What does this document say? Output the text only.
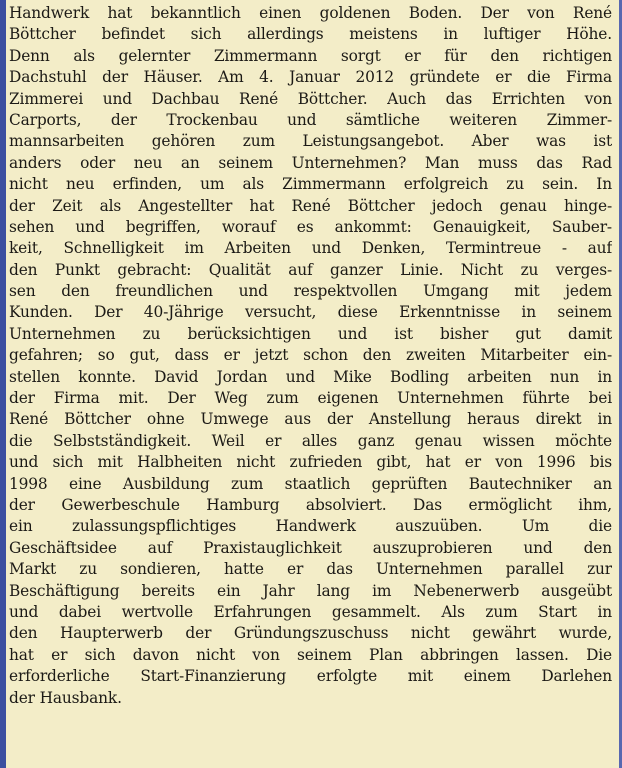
Handwerk hat bekanntlich einen goldenen Boden. Der von René
Böttcher befindet sich allerdings meistens in luftiger Höhe.
Denn als gelernter Zimmermann sorgt er für den richtigen
Dachstuhl der Häuser. Am 4. Januar 2012 gründete er die Firma
Zimmerei und Dachbau René Böttcher. Auch das Errichten von
Carports, der Trockenbau und sämtliche weiteren Zimmer-
mannsarbeiten gehören zum Leistungsangebot. Aber was ist
anders oder neu an seinem Unternehmen? Man muss das Rad
nicht neu erfinden, um als Zimmermann erfolgreich zu sein. In
der Zeit als Angestellter hat René Böttcher jedoch genau hinge-
sehen und begriffen, worauf es ankommt: Genauigkeit, Sauber-
keit, Schnelligkeit im Arbeiten und Denken, Termintreue - auf
den Punkt gebracht: Qualität auf ganzer Linie. Nicht zu verges-
sen den freundlichen und respektvollen Umgang mit jedem
Kunden. Der 40-Jährige versucht, diese Erkenntnisse in seinem
Unternehmen zu berücksichtigen und ist bisher gut damit
gefahren; so gut, dass er jetzt schon den zweiten Mitarbeiter ein-
stellen konnte. David Jordan und Mike Bodling arbeiten nun in
der Firma mit. Der Weg zum eigenen Unternehmen führte bei
René Böttcher ohne Umwege aus der Anstellung heraus direkt in
die Selbstständigkeit. Weil er alles ganz genau wissen möchte
und sich mit Halbheiten nicht zufrieden gibt, hat er von 1996 bis
1998 eine Ausbildung zum staatlich geprüften Bautechniker an
der Gewerbeschule Hamburg absolviert. Das ermöglicht ihm,
ein zulassungspflichtiges Handwerk auszuüben. Um die
Geschäftsidee auf Praxistauglichkeit auszuprobieren und den
Markt zu sondieren, hatte er das Unternehmen parallel zur
Beschäftigung bereits ein Jahr lang im Nebenerwerb ausgeübt
und dabei wertvolle Erfahrungen gesammelt. Als zum Start in
den Haupterwerb der Gründungszuschuss nicht gewährt wurde,
hat er sich davon nicht von seinem Plan abbringen lassen. Die
erforderliche Start-Finanzierung erfolgte mit einem Darlehen
der Hausbank.
